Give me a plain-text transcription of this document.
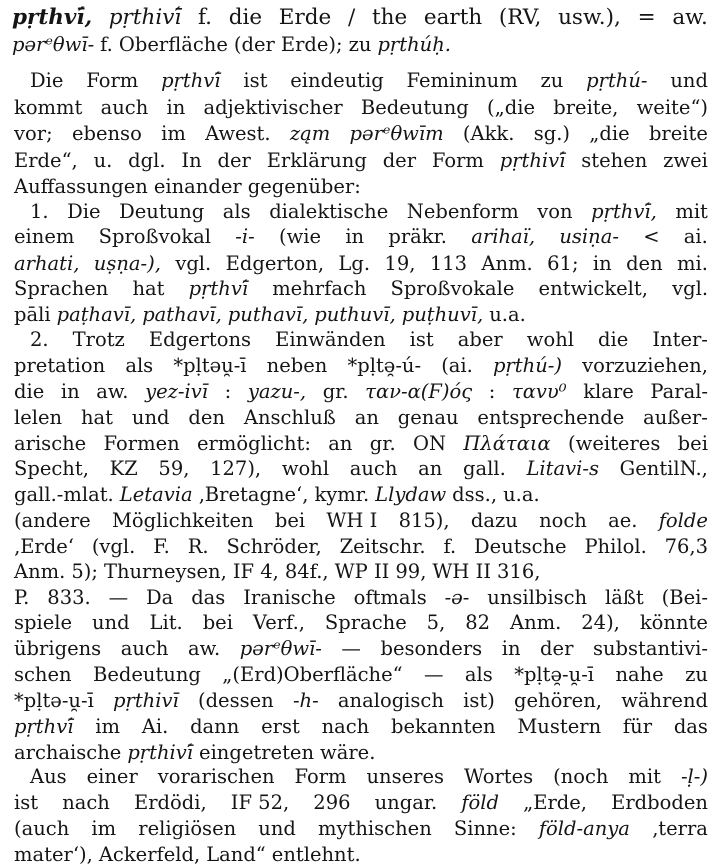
pṛthvī́, pṛthivī́ f. die Erde / the earth (RV, usw.), = aw.
pərᵉθwī- f. Oberfläche (der Erde); zu pṛthúḥ.
Die Form pṛthvī́ ist eindeutig Femininum zu pṛthú- und
kommt auch in adjektivischer Bedeutung („die breite, weite“)
vor; ebenso im Awest. ząm pərᵉθwīm (Akk. sg.) „die breite
Erde“, u. dgl. In der Erklärung der Form pṛthivī́ stehen zwei
Auffassungen einander gegenüber:
1. Die Deutung als dialektische Nebenform von pṛthvī́, mit
einem Sproßvokal -i- (wie in präkr. arihaï, usiṇa- < ai.
arhati, uṣṇa-), vgl. Edgerton, Lg. 19, 113 Anm. 61; in den mi.
Sprachen hat pṛthvī́ mehrfach Sproßvokale entwickelt, vgl.
pāli paṭhavī, pathavī, puthavī, puthuvī, puṭhuvī, u.a.
2. Trotz Edgertons Einwänden ist aber wohl die Inter-
pretation als *pḷtəu̯-ī neben *pḷtə̯-ú- (ai. pṛthú-) vorzuziehen,
die in aw. yez-ivī : yazu-, gr. ταν-α(Ϝ)ός : ταvυ⁰ klare Paral-
lelen hat und den Anschluß an genau entsprechende außer-
arische Formen ermöglicht: an gr. ON Πλάταια (weiteres bei
Specht, KZ 59, 127), wohl auch an gall. Litavi-s GentilN.,
gall.-mlat. Letavia ‚Bretagne‘, kymr. Llydaw dss., u.a.
(andere Möglichkeiten bei WH I 815), dazu noch ae. folde
‚Erde‘ (vgl. F. R. Schröder, Zeitschr. f. Deutsche Philol. 76,3
Anm. 5); Thurneysen, IF 4, 84f., WP II 99, WH II 316,
P. 833. — Da das Iranische oftmals -ə- unsilbisch läßt (Bei-
spiele und Lit. bei Verf., Sprache 5, 82 Anm. 24), könnte
übrigens auch aw. pərᵉθwī- — besonders in der substantivi-
schen Bedeutung „(Erd)Oberfläche“ — als *pḷtə̯-u̯-ī nahe zu
*pḷtə-u̯-ī pṛthivī (dessen -h- analogisch ist) gehören, während
pṛthvī́ im Ai. dann erst nach bekannten Mustern für das
archaische pṛthivī́ eingetreten wäre.
Aus einer vorarischen Form unseres Wortes (noch mit -ḷ-)
ist nach Erdödi, IF 52, 296 ungar. föld „Erde, Erdboden
(auch im religiösen und mythischen Sinne: föld-anya ‚terra
mater‘), Ackerfeld, Land“ entlehnt.
